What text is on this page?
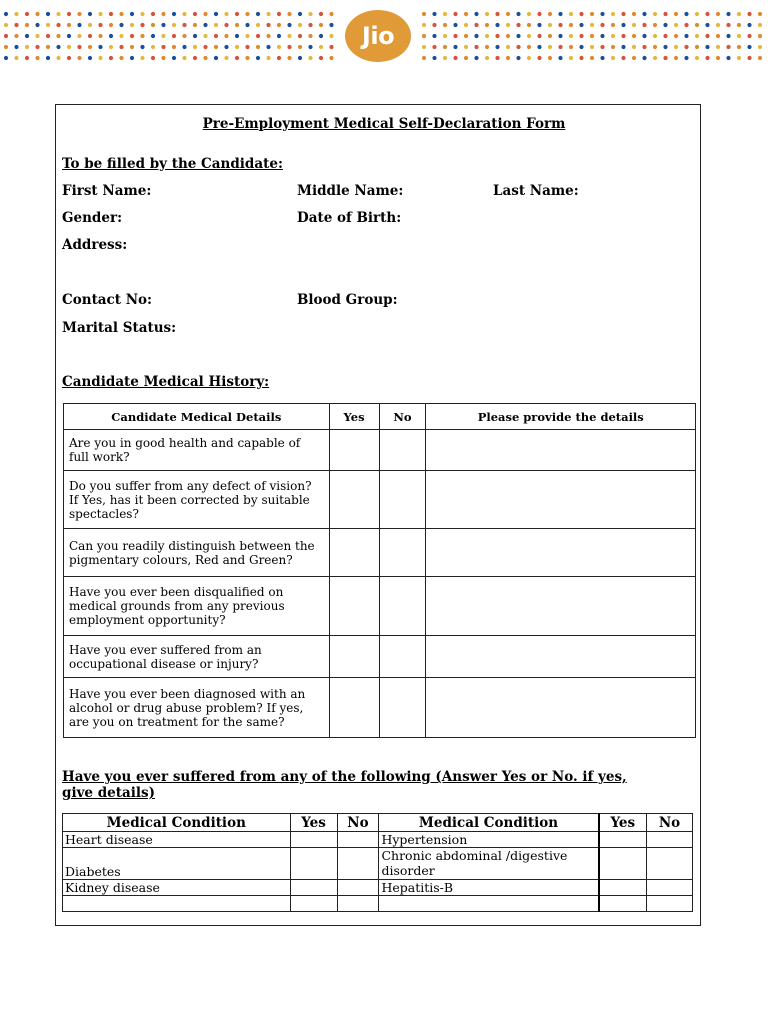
Jio
Pre-Employment Medical Self-Declaration Form
To be filled by the Candidate:
First Name:	Middle Name:	Last Name:
Gender:	Date of Birth:
Address:
Contact No:	Blood Group:
Marital Status:
Candidate Medical History:
Candidate Medical Details	Yes	No	Please provide the details
Are you in good health and capable of full work?			
Do you suffer from any defect of vision? If Yes, has it been corrected by suitable spectacles?			
Can you readily distinguish between the pigmentary colours, Red and Green?			
Have you ever been disqualified on medical grounds from any previous employment opportunity?			
Have you ever suffered from an occupational disease or injury?			
Have you ever been diagnosed with an alcohol or drug abuse problem? If yes, are you on treatment for the same?			
Have you ever suffered from any of the following (Answer Yes or No. if yes, give details)
Medical Condition	Yes	No	Medical Condition	Yes	No
Heart disease			Hypertension		
Diabetes			Chronic abdominal /digestive disorder		
Kidney disease			Hepatitis-B		
